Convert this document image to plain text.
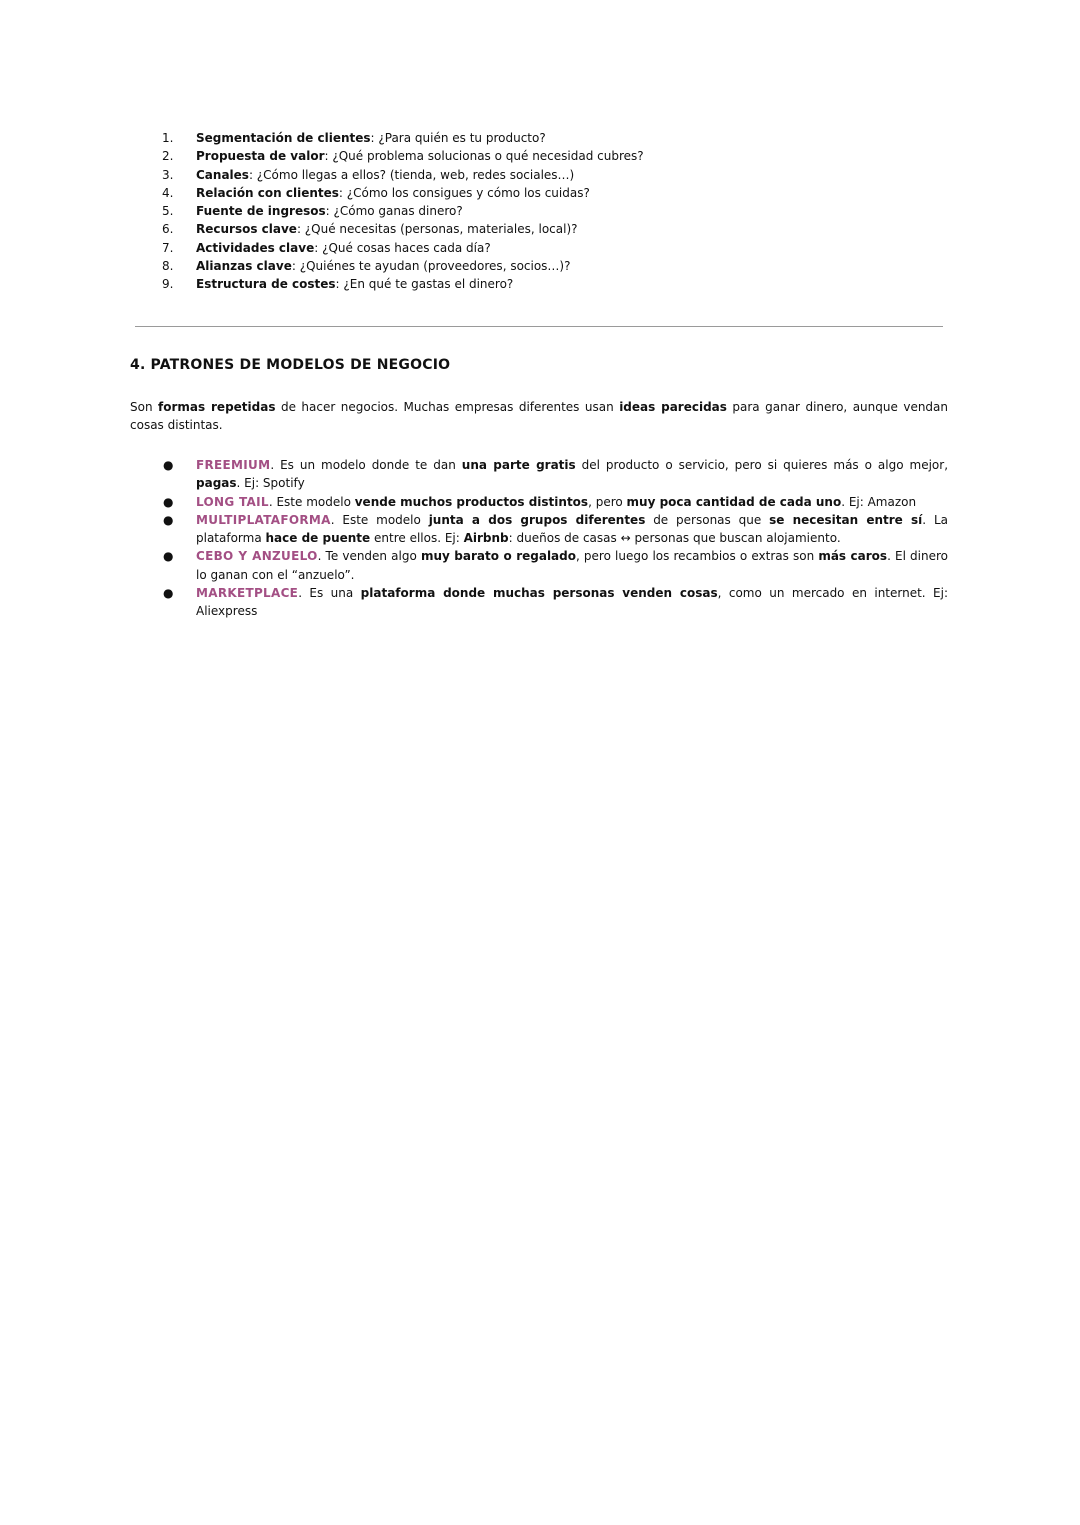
1. Segmentación de clientes: ¿Para quién es tu producto?
2. Propuesta de valor: ¿Qué problema solucionas o qué necesidad cubres?
3. Canales: ¿Cómo llegas a ellos? (tienda, web, redes sociales…)
4. Relación con clientes: ¿Cómo los consigues y cómo los cuidas?
5. Fuente de ingresos: ¿Cómo ganas dinero?
6. Recursos clave: ¿Qué necesitas (personas, materiales, local)?
7. Actividades clave: ¿Qué cosas haces cada día?
8. Alianzas clave: ¿Quiénes te ayudan (proveedores, socios…)?
9. Estructura de costes: ¿En qué te gastas el dinero?
4. PATRONES DE MODELOS DE NEGOCIO

Son formas repetidas de hacer negocios. Muchas empresas diferentes usan ideas parecidas para ganar dinero, aunque vendan cosas distintas.

● FREEMIUM. Es un modelo donde te dan una parte gratis del producto o servicio, pero si quieres más o algo mejor, pagas. Ej: Spotify
● LONG TAIL. Este modelo vende muchos productos distintos, pero muy poca cantidad de cada uno. Ej: Amazon
● MULTIPLATAFORMA. Este modelo junta a dos grupos diferentes de personas que se necesitan entre sí. La plataforma hace de puente entre ellos. Ej: Airbnb: dueños de casas ↔ personas que buscan alojamiento.
● CEBO Y ANZUELO. Te venden algo muy barato o regalado, pero luego los recambios o extras son más caros. El dinero lo ganan con el “anzuelo”.
● MARKETPLACE. Es una plataforma donde muchas personas venden cosas, como un mercado en internet. Ej: Aliexpress
